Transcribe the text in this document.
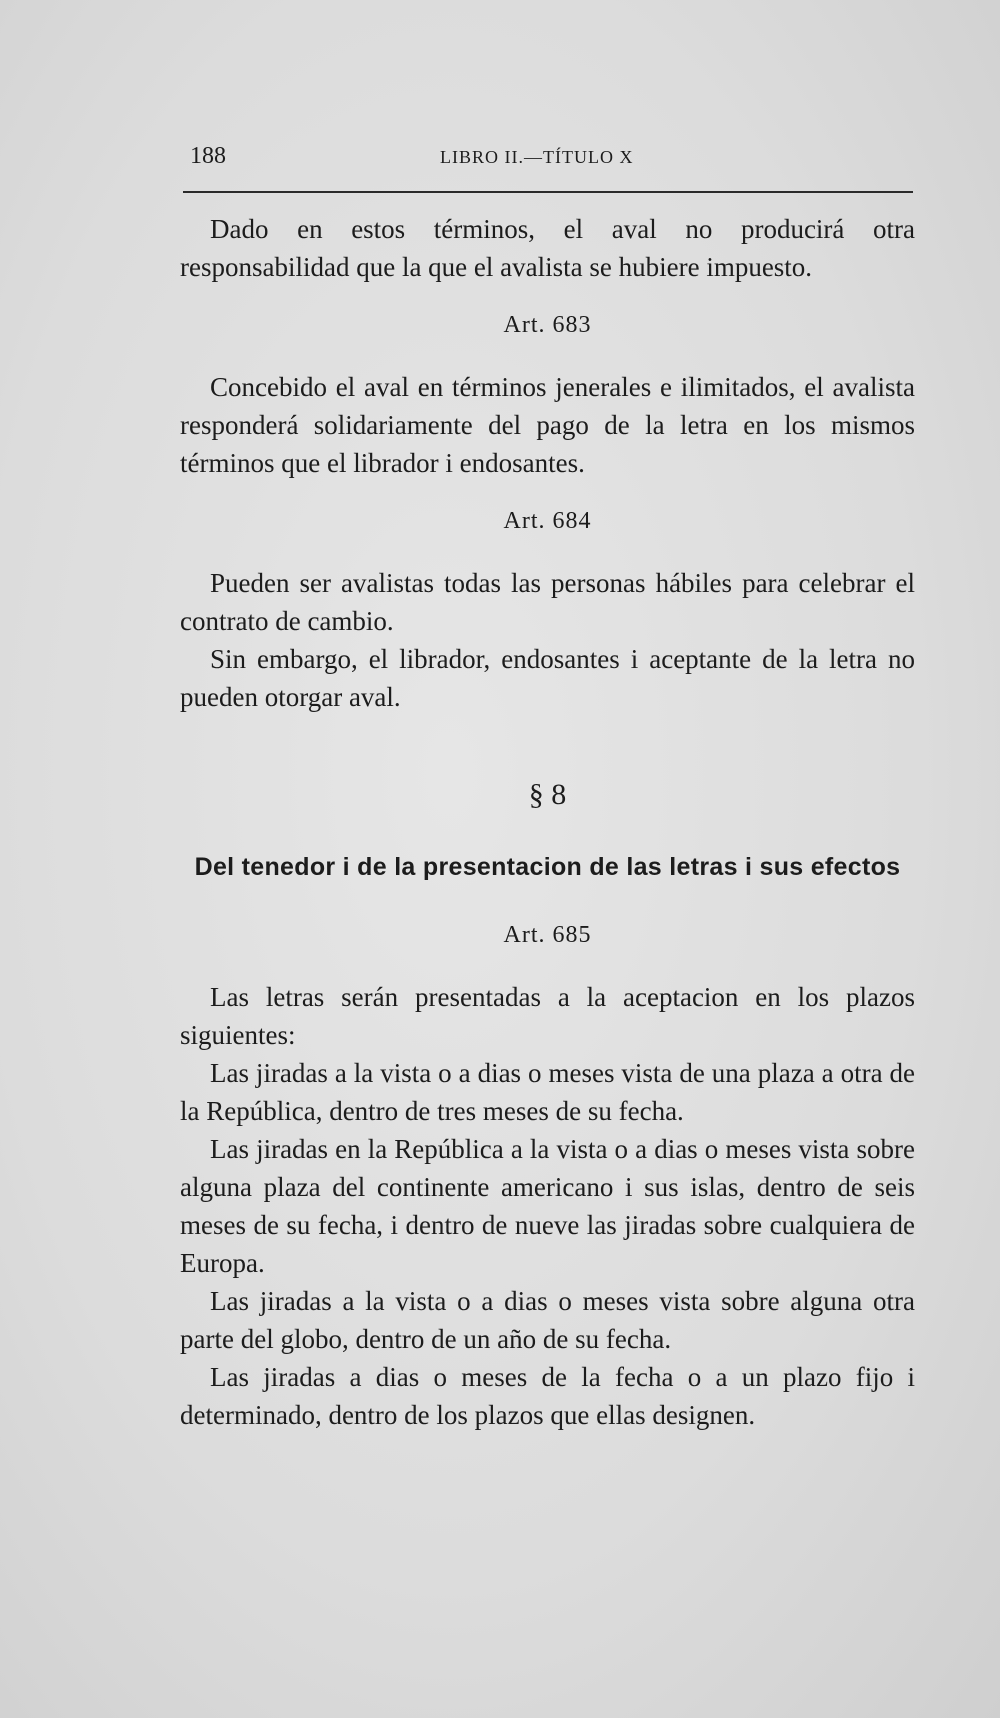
188	LIBRO II.—TÍTULO X

Dado en estos términos, el aval no producirá otra responsabilidad que la que el avalista se hubiere impuesto.

Art. 683

Concebido el aval en términos jenerales e ilimitados, el avalista responderá solidariamente del pago de la letra en los mismos términos que el librador i endosantes.

Art. 684

Pueden ser avalistas todas las personas hábiles para celebrar el contrato de cambio.

Sin embargo, el librador, endosantes i aceptante de la letra no pueden otorgar aval.

§ 8
Del tenedor i de la presentacion de las letras i sus efectos
Art. 685

Las letras serán presentadas a la aceptacion en los plazos siguientes:

Las jiradas a la vista o a dias o meses vista de una plaza a otra de la República, dentro de tres meses de su fecha.

Las jiradas en la República a la vista o a dias o meses vista sobre alguna plaza del continente americano i sus islas, dentro de seis meses de su fecha, i dentro de nueve las jiradas sobre cualquiera de Europa.

Las jiradas a la vista o a dias o meses vista sobre alguna otra parte del globo, dentro de un año de su fecha.

Las jiradas a dias o meses de la fecha o a un plazo fijo i determinado, dentro de los plazos que ellas designen.
